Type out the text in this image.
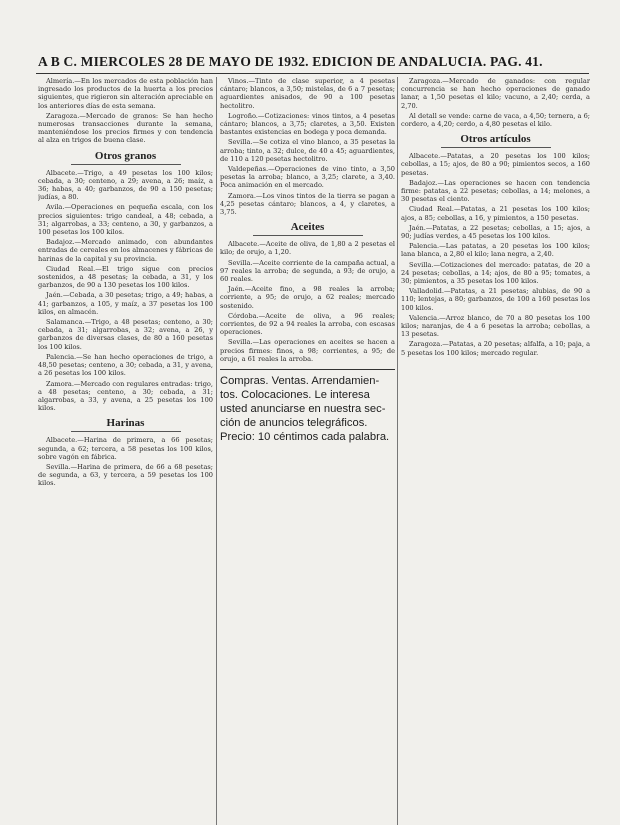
A B C. MIERCOLES 28 DE MAYO DE 1932. EDICION DE ANDALUCIA. PAG. 41.

Almería.—En los mercados de esta población han ingresado los productos de la huerta a los precios siguientes, que rigieron sin alteración apreciable en los anteriores días de esta semana.

Zaragoza.—Mercado de granos: Se han hecho numerosas transacciones durante la semana, manteniéndose los precios firmes y con tendencia al alza en trigos de buena clase.

Otros granos

Albacete.—Trigo, a 49 pesetas los 100 kilos; cebada, a 30; centeno, a 29; avena, a 26; maíz, a 36; habas, a 40; garbanzos, de 90 a 150 pesetas; judías, a 80.

Avila.—Operaciones en pequeña escala, con los precios siguientes: trigo candeal, a 48; cebada, a 31; algarrobas, a 33; centeno, a 30, y garbanzos, a 100 pesetas los 100 kilos.

Badajoz.—Mercado animado, con abundantes entradas de cereales en los almacenes y fábricas de harinas de la capital y su provincia.

Ciudad Real.—El trigo sigue con precios sostenidos, a 48 pesetas; la cebada, a 31, y los garbanzos, de 90 a 130 pesetas los 100 kilos.

Jaén.—Cebada, a 30 pesetas; trigo, a 49; habas, a 41; garbanzos, a 105, y maíz, a 37 pesetas los 100 kilos, en almacén.

Salamanca.—Trigo, a 48 pesetas; centeno, a 30; cebada, a 31; algarrobas, a 32; avena, a 26, y garbanzos de diversas clases, de 80 a 160 pesetas los 100 kilos.

Palencia.—Se han hecho operaciones de trigo, a 48,50 pesetas; centeno, a 30; cebada, a 31, y avena, a 26 pesetas los 100 kilos.

Zamora.—Mercado con regulares entradas: trigo, a 48 pesetas; centeno, a 30; cebada, a 31; algarrobas, a 33, y avena, a 25 pesetas los 100 kilos.

Harinas

Albacete.—Harina de primera, a 66 pesetas; segunda, a 62; tercera, a 58 pesetas los 100 kilos, sobre vagón en fábrica.

Sevilla.—Harina de primera, de 66 a 68 pesetas; de segunda, a 63, y tercera, a 59 pesetas los 100 kilos.

Vinos.—Tinto de clase superior, a 4 pesetas cántaro; blancos, a 3,50; mistelas, de 6 a 7 pesetas; aguardientes anisados, de 90 a 100 pesetas hectolitro.

Logroño.—Cotizaciones: vinos tintos, a 4 pesetas cántaro; blancos, a 3,75; claretes, a 3,50. Existen bastantes existencias en bodega y poca demanda.

Sevilla.—Se cotiza el vino blanco, a 35 pesetas la arroba; tinto, a 32; dulce, de 40 a 45; aguardientes, de 110 a 120 pesetas hectolitro.

Valdepeñas.—Operaciones de vino tinto, a 3,50 pesetas la arroba; blanco, a 3,25; clarete, a 3,40. Poca animación en el mercado.

Zamora.—Los vinos tintos de la tierra se pagan a 4,25 pesetas cántaro; blancos, a 4, y claretes, a 3,75.

Aceites

Albacete.—Aceite de oliva, de 1,80 a 2 pesetas el kilo; de orujo, a 1,20.

Sevilla.—Aceite corriente de la campaña actual, a 97 reales la arroba; de segunda, a 93; de orujo, a 60 reales.

Jaén.—Aceite fino, a 98 reales la arroba; corriente, a 95; de orujo, a 62 reales; mercado sostenido.

Córdoba.—Aceite de oliva, a 96 reales; corrientes, de 92 a 94 reales la arroba, con escasas operaciones.

Sevilla.—Las operaciones en aceites se hacen a precios firmes: finos, a 98; corrientes, a 95; de orujo, a 61 reales la arroba.

Compras. Ventas. Arrendamien-
tos. Colocaciones. Le interesa
usted anunciarse en nuestra sec-
ción de anuncios telegráficos.
Precio: 10 céntimos cada palabra.

Zaragoza.—Mercado de ganados: con regular concurrencia se han hecho operaciones de ganado lanar, a 1,50 pesetas el kilo; vacuno, a 2,40; cerda, a 2,70.

Al detall se vende: carne de vaca, a 4,50; ternera, a 6; cordero, a 4,20; cerdo, a 4,80 pesetas el kilo.

Otros artículos

Albacete.—Patatas, a 20 pesetas los 100 kilos; cebollas, a 15; ajos, de 80 a 90; pimientos secos, a 160 pesetas.

Badajoz.—Las operaciones se hacen con tendencia firme: patatas, a 22 pesetas; cebollas, a 14; melones, a 30 pesetas el ciento.

Ciudad Real.—Patatas, a 21 pesetas los 100 kilos; ajos, a 85; cebollas, a 16, y pimientos, a 150 pesetas.

Jaén.—Patatas, a 22 pesetas; cebollas, a 15; ajos, a 90; judías verdes, a 45 pesetas los 100 kilos.

Palencia.—Las patatas, a 20 pesetas los 100 kilos; lana blanca, a 2,80 el kilo; lana negra, a 2,40.

Sevilla.—Cotizaciones del mercado: patatas, de 20 a 24 pesetas; cebollas, a 14; ajos, de 80 a 95; tomates, a 30; pimientos, a 35 pesetas los 100 kilos.

Valladolid.—Patatas, a 21 pesetas; alubias, de 90 a 110; lentejas, a 80; garbanzos, de 100 a 160 pesetas los 100 kilos.

Valencia.—Arroz blanco, de 70 a 80 pesetas los 100 kilos; naranjas, de 4 a 6 pesetas la arroba; cebollas, a 13 pesetas.

Zaragoza.—Patatas, a 20 pesetas; alfalfa, a 10; paja, a 5 pesetas los 100 kilos; mercado regular.
